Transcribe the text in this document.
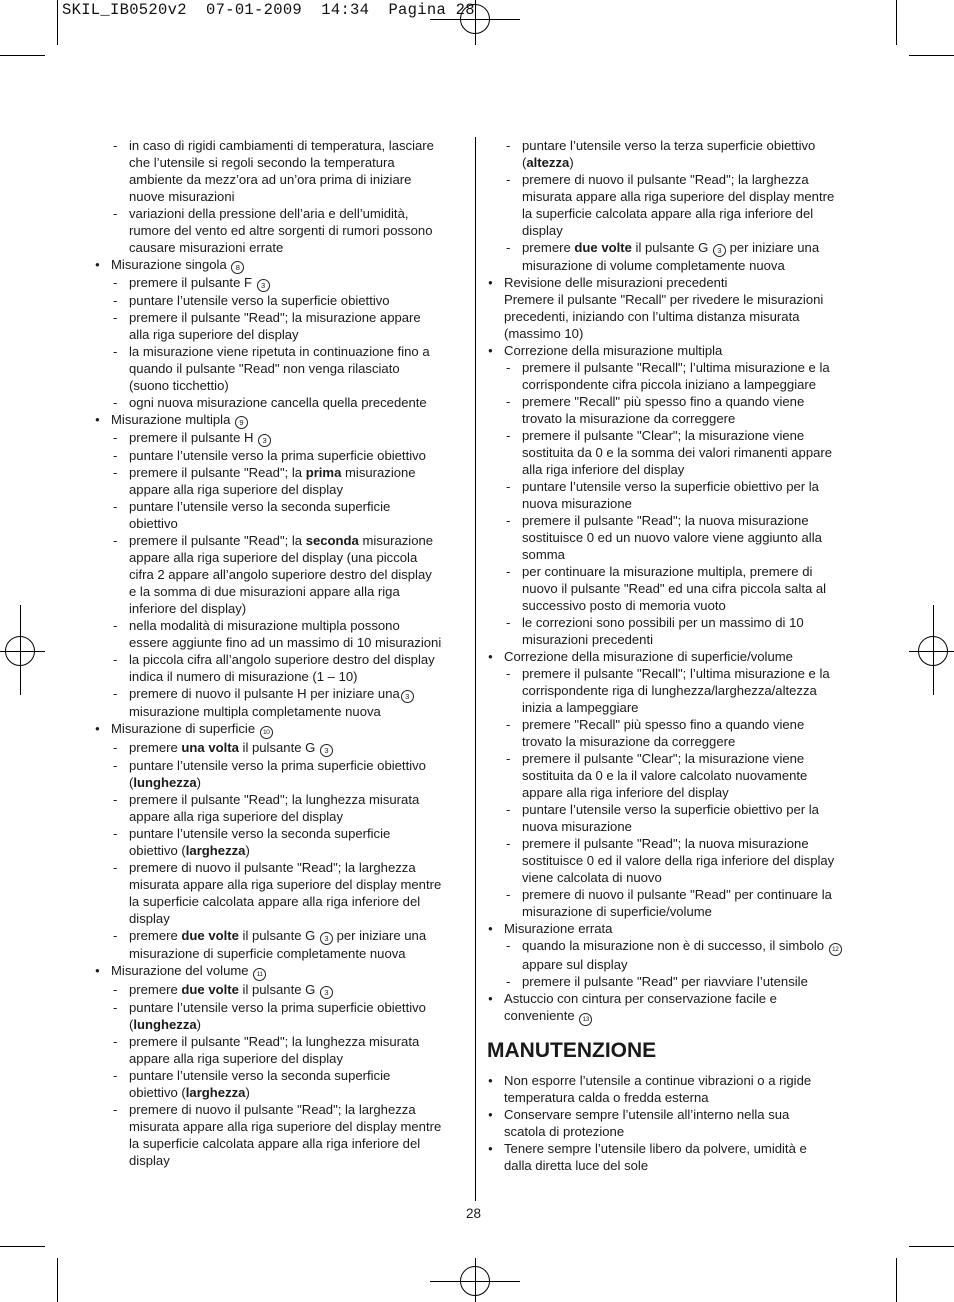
SKIL_IB0520v2  07-01-2009  14:34  Pagina 28
- in caso di rigidi cambiamenti di temperatura, lasciare
che l’utensile si regoli secondo la temperatura
ambiente da mezz’ora ad un’ora prima di iniziare
nuove misurazioni
- variazioni della pressione dell’aria e dell’umidità,
rumore del vento ed altre sorgenti di rumori possono
causare misurazioni errate
● Misurazione singola 8
- premere il pulsante F 3
- puntare l’utensile verso la superficie obiettivo
- premere il pulsante "Read"; la misurazione appare
alla riga superiore del display
- la misurazione viene ripetuta in continuazione fino a
quando il pulsante "Read" non venga rilasciato
(suono ticchettio)
- ogni nuova misurazione cancella quella precedente
● Misurazione multipla 9
- premere il pulsante H 3
- puntare l’utensile verso la prima superficie obiettivo
- premere il pulsante "Read"; la prima misurazione
appare alla riga superiore del display
- puntare l’utensile verso la seconda superficie
obiettivo
- premere il pulsante "Read"; la seconda misurazione
appare alla riga superiore del display (una piccola
cifra 2 appare all’angolo superiore destro del display
e la somma di due misurazioni appare alla riga
inferiore del display)
- nella modalità di misurazione multipla possono
essere aggiunte fino ad un massimo di 10 misurazioni
- la piccola cifra all’angolo superiore destro del display
indica il numero di misurazione (1 – 10)
- premere di nuovo il pulsante H per iniziare una 3
misurazione multipla completamente nuova
● Misurazione di superficie 10
- premere una volta il pulsante G 3
- puntare l’utensile verso la prima superficie obiettivo
(lunghezza)
- premere il pulsante "Read"; la lunghezza misurata
appare alla riga superiore del display
- puntare l’utensile verso la seconda superficie
obiettivo (larghezza)
- premere di nuovo il pulsante "Read"; la larghezza
misurata appare alla riga superiore del display mentre
la superficie calcolata appare alla riga inferiore del
display
- premere due volte il pulsante G 3 per iniziare una
misurazione di superficie completamente nuova
● Misurazione del volume 11
- premere due volte il pulsante G 3
- puntare l’utensile verso la prima superficie obiettivo
(lunghezza)
- premere il pulsante "Read"; la lunghezza misurata
appare alla riga superiore del display
- puntare l’utensile verso la seconda superficie
obiettivo (larghezza)
- premere di nuovo il pulsante "Read"; la larghezza
misurata appare alla riga superiore del display mentre
la superficie calcolata appare alla riga inferiore del
display
- puntare l’utensile verso la terza superficie obiettivo
(altezza)
- premere di nuovo il pulsante "Read"; la larghezza
misurata appare alla riga superiore del display mentre
la superficie calcolata appare alla riga inferiore del
display
- premere due volte il pulsante G 3 per iniziare una
misurazione di volume completamente nuova
● Revisione delle misurazioni precedenti
Premere il pulsante "Recall" per rivedere le misurazioni
precedenti, iniziando con l’ultima distanza misurata
(massimo 10)
● Correzione della misurazione multipla
- premere il pulsante "Recall"; l’ultima misurazione e la
corrispondente cifra piccola iniziano a lampeggiare
- premere "Recall" più spesso fino a quando viene
trovato la misurazione da correggere
- premere il pulsante "Clear"; la misurazione viene
sostituita da 0 e la somma dei valori rimanenti appare
alla riga inferiore del display
- puntare l’utensile verso la superficie obiettivo per la
nuova misurazione
- premere il pulsante "Read"; la nuova misurazione
sostituisce 0 ed un nuovo valore viene aggiunto alla
somma
- per continuare la misurazione multipla, premere di
nuovo il pulsante "Read" ed una cifra piccola salta al
successivo posto di memoria vuoto
- le correzioni sono possibili per un massimo di 10
misurazioni precedenti
● Correzione della misurazione di superficie/volume
- premere il pulsante "Recall"; l’ultima misurazione e la
corrispondente riga di lunghezza/larghezza/altezza
inizia a lampeggiare
- premere "Recall" più spesso fino a quando viene
trovato la misurazione da correggere
- premere il pulsante "Clear"; la misurazione viene
sostituita da 0 e la il valore calcolato nuovamente
appare alla riga inferiore del display
- puntare l’utensile verso la superficie obiettivo per la
nuova misurazione
- premere il pulsante "Read"; la nuova misurazione
sostituisce 0 ed il valore della riga inferiore del display
viene calcolata di nuovo
- premere di nuovo il pulsante "Read" per continuare la
misurazione di superficie/volume
● Misurazione errata
- quando la misurazione non è di successo, il simbolo 12
appare sul display
- premere il pulsante "Read" per riavviare l’utensile
● Astuccio con cintura per conservazione facile e
conveniente 13
MANUTENZIONE
● Non esporre l’utensile a continue vibrazioni o a rigide
temperatura calda o fredda esterna
● Conservare sempre l’utensile all’interno nella sua
scatola di protezione
● Tenere sempre l’utensile libero da polvere, umidità e
dalla diretta luce del sole
28
